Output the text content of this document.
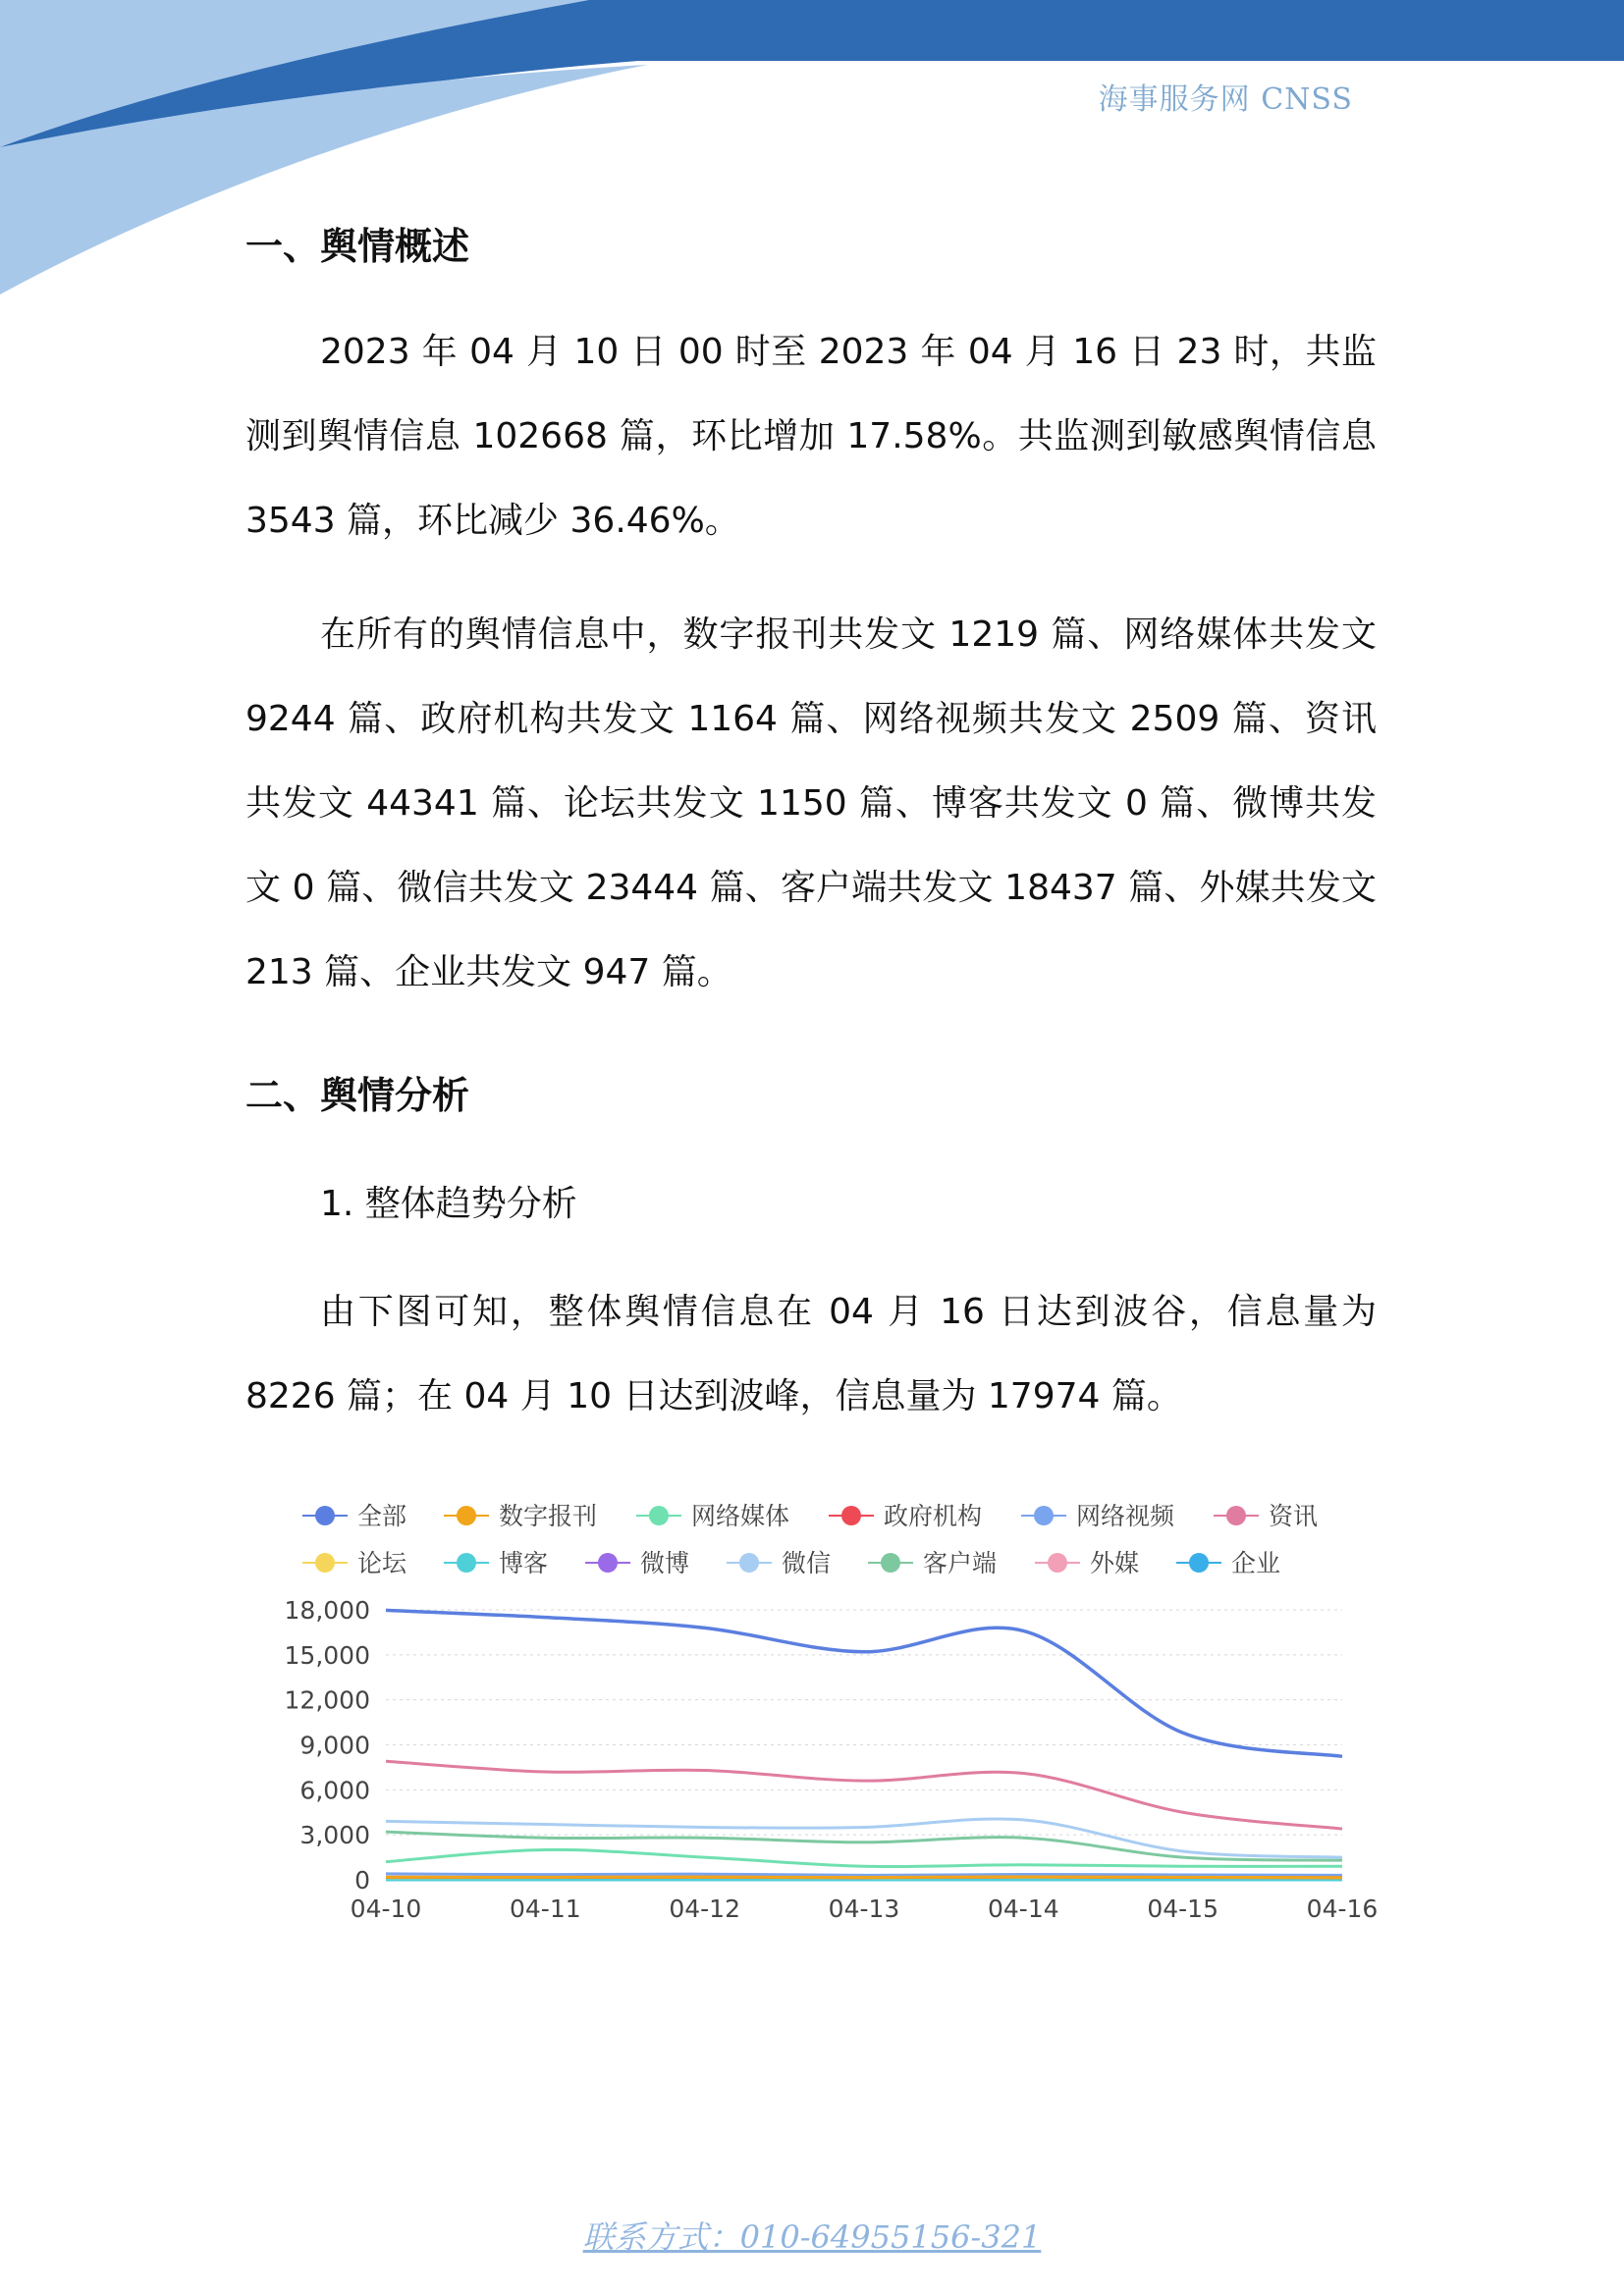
海事服务网 CNSS
一、舆情概述
2023 年 04 月 10 日 00 时至 2023 年 04 月 16 日 23 时，共监测到舆情信息 102668 篇，环比增加 17.58%。共监测到敏感舆情信息 3543 篇，环比减少 36.46%。
在所有的舆情信息中，数字报刊共发文 1219 篇、网络媒体共发文 9244 篇、政府机构共发文 1164 篇、网络视频共发文 2509 篇、资讯共发文 44341 篇、论坛共发文 1150 篇、博客共发文 0 篇、微博共发文 0 篇、微信共发文 23444 篇、客户端共发文 18437 篇、外媒共发文 213 篇、企业共发文 947 篇。
二、舆情分析
1. 整体趋势分析
由下图可知，整体舆情信息在 04 月 16 日达到波谷，信息量为 8226 篇；在 04 月 10 日达到波峰，信息量为 17974 篇。
0
3,000
6,000
9,000
12,000
15,000
18,000
04-10	04-11	04-12	04-13	04-14	04-15	04-16
全部	数字报刊	网络媒体	政府机构	网络视频	资讯
论坛	博客	微博	微信	客户端	外媒	企业
联系方式：010-64955156-321
